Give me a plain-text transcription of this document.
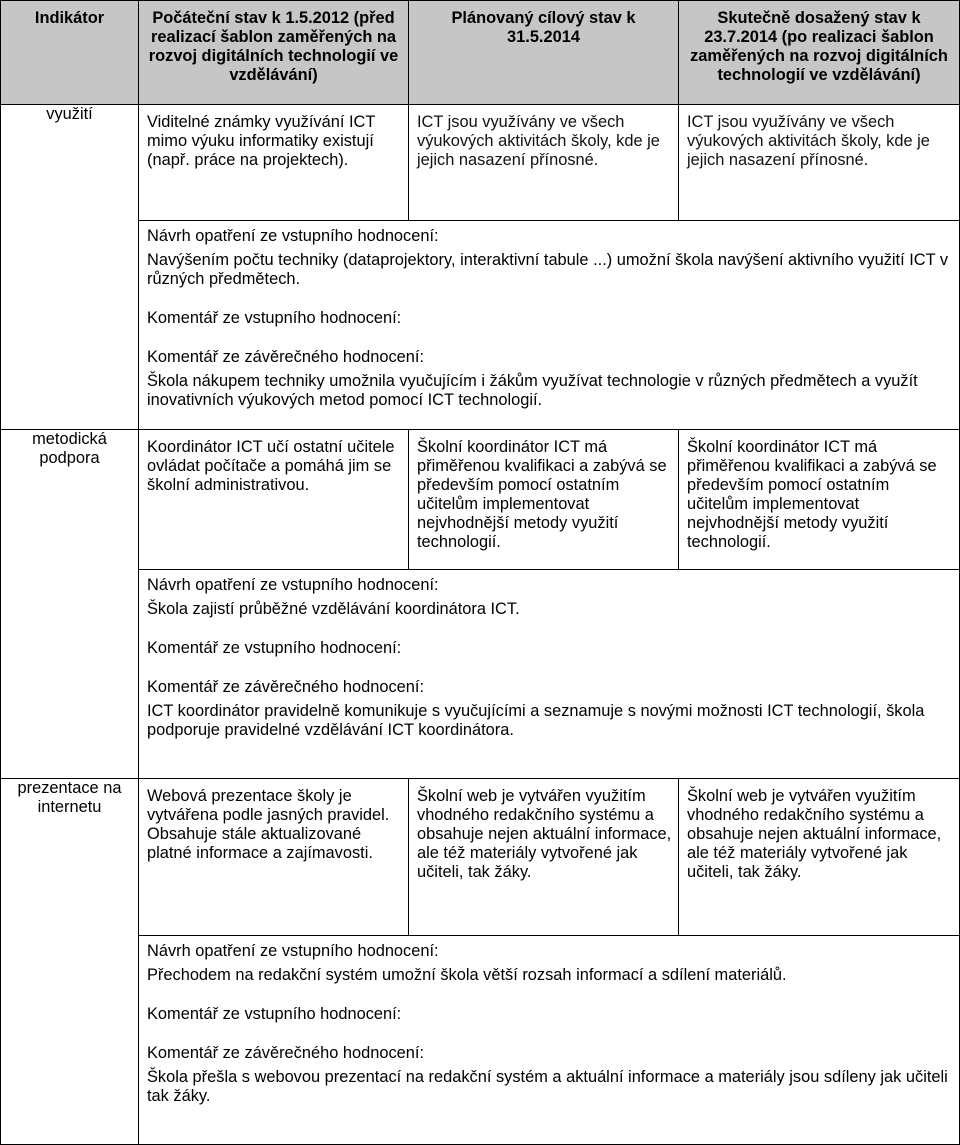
Indikátor	Počáteční stav k 1.5.2012 (před realizací šablon zaměřených na rozvoj digitálních technologií ve vzdělávání)	Plánovaný cílový stav k 31.5.2014	Skutečně dosažený stav k 23.7.2014 (po realizaci šablon zaměřených na rozvoj digitálních technologií ve vzdělávání)
využití	Viditelné známky využívání ICT mimo výuku informatiky existují (např. práce na projektech).	ICT jsou využívány ve všech výukových aktivitách školy, kde je jejich nasazení přínosné.	ICT jsou využívány ve všech výukových aktivitách školy, kde je jejich nasazení přínosné.

	Návrh opatření ze vstupního hodnocení:
Navýšením počtu techniky (dataprojektory, interaktivní tabule ...) umožní škola navýšení aktivního využití ICT v různých předmětech.
Komentář ze vstupního hodnocení:
Komentář ze závěrečného hodnocení:
Škola nákupem techniky umožnila vyučujícím i žákům využívat technologie v různých předmětech a využít inovativních výukových metod pomocí ICT technologií.		

metodická podpora	Koordinátor ICT učí ostatní učitele ovládat počítače a pomáhá jim se školní administrativou.	Školní koordinátor ICT má přiměřenou kvalifikaci a zabývá se především pomocí ostatním učitelům implementovat nejvhodnější metody využití technologií.	Školní koordinátor ICT má přiměřenou kvalifikaci a zabývá se především pomocí ostatním učitelům implementovat nejvhodnější metody využití technologií.

	Návrh opatření ze vstupního hodnocení:
Škola zajistí průběžné vzdělávání koordinátora ICT.
Komentář ze vstupního hodnocení:
Komentář ze závěrečného hodnocení:
ICT koordinátor pravidelně komunikuje s vyučujícími a seznamuje s novými možnosti ICT technologií, škola podporuje pravidelné vzdělávání ICT koordinátora.		

prezentace na internetu	Webová prezentace školy je vytvářena podle jasných pravidel. Obsahuje stále aktualizované platné informace a zajímavosti.	Školní web je vytvářen využitím vhodného redakčního systému a obsahuje nejen aktuální informace, ale též materiály vytvořené jak učiteli, tak žáky.	Školní web je vytvářen využitím vhodného redakčního systému a obsahuje nejen aktuální informace, ale též materiály vytvořené jak učiteli, tak žáky.

	Návrh opatření ze vstupního hodnocení:
Přechodem na redakční systém umožní škola větší rozsah informací a sdílení materiálů.
Komentář ze vstupního hodnocení:
Komentář ze závěrečného hodnocení:
Škola přešla s webovou prezentací na redakční systém a aktuální informace a materiály jsou sdíleny jak učiteli tak žáky.		
